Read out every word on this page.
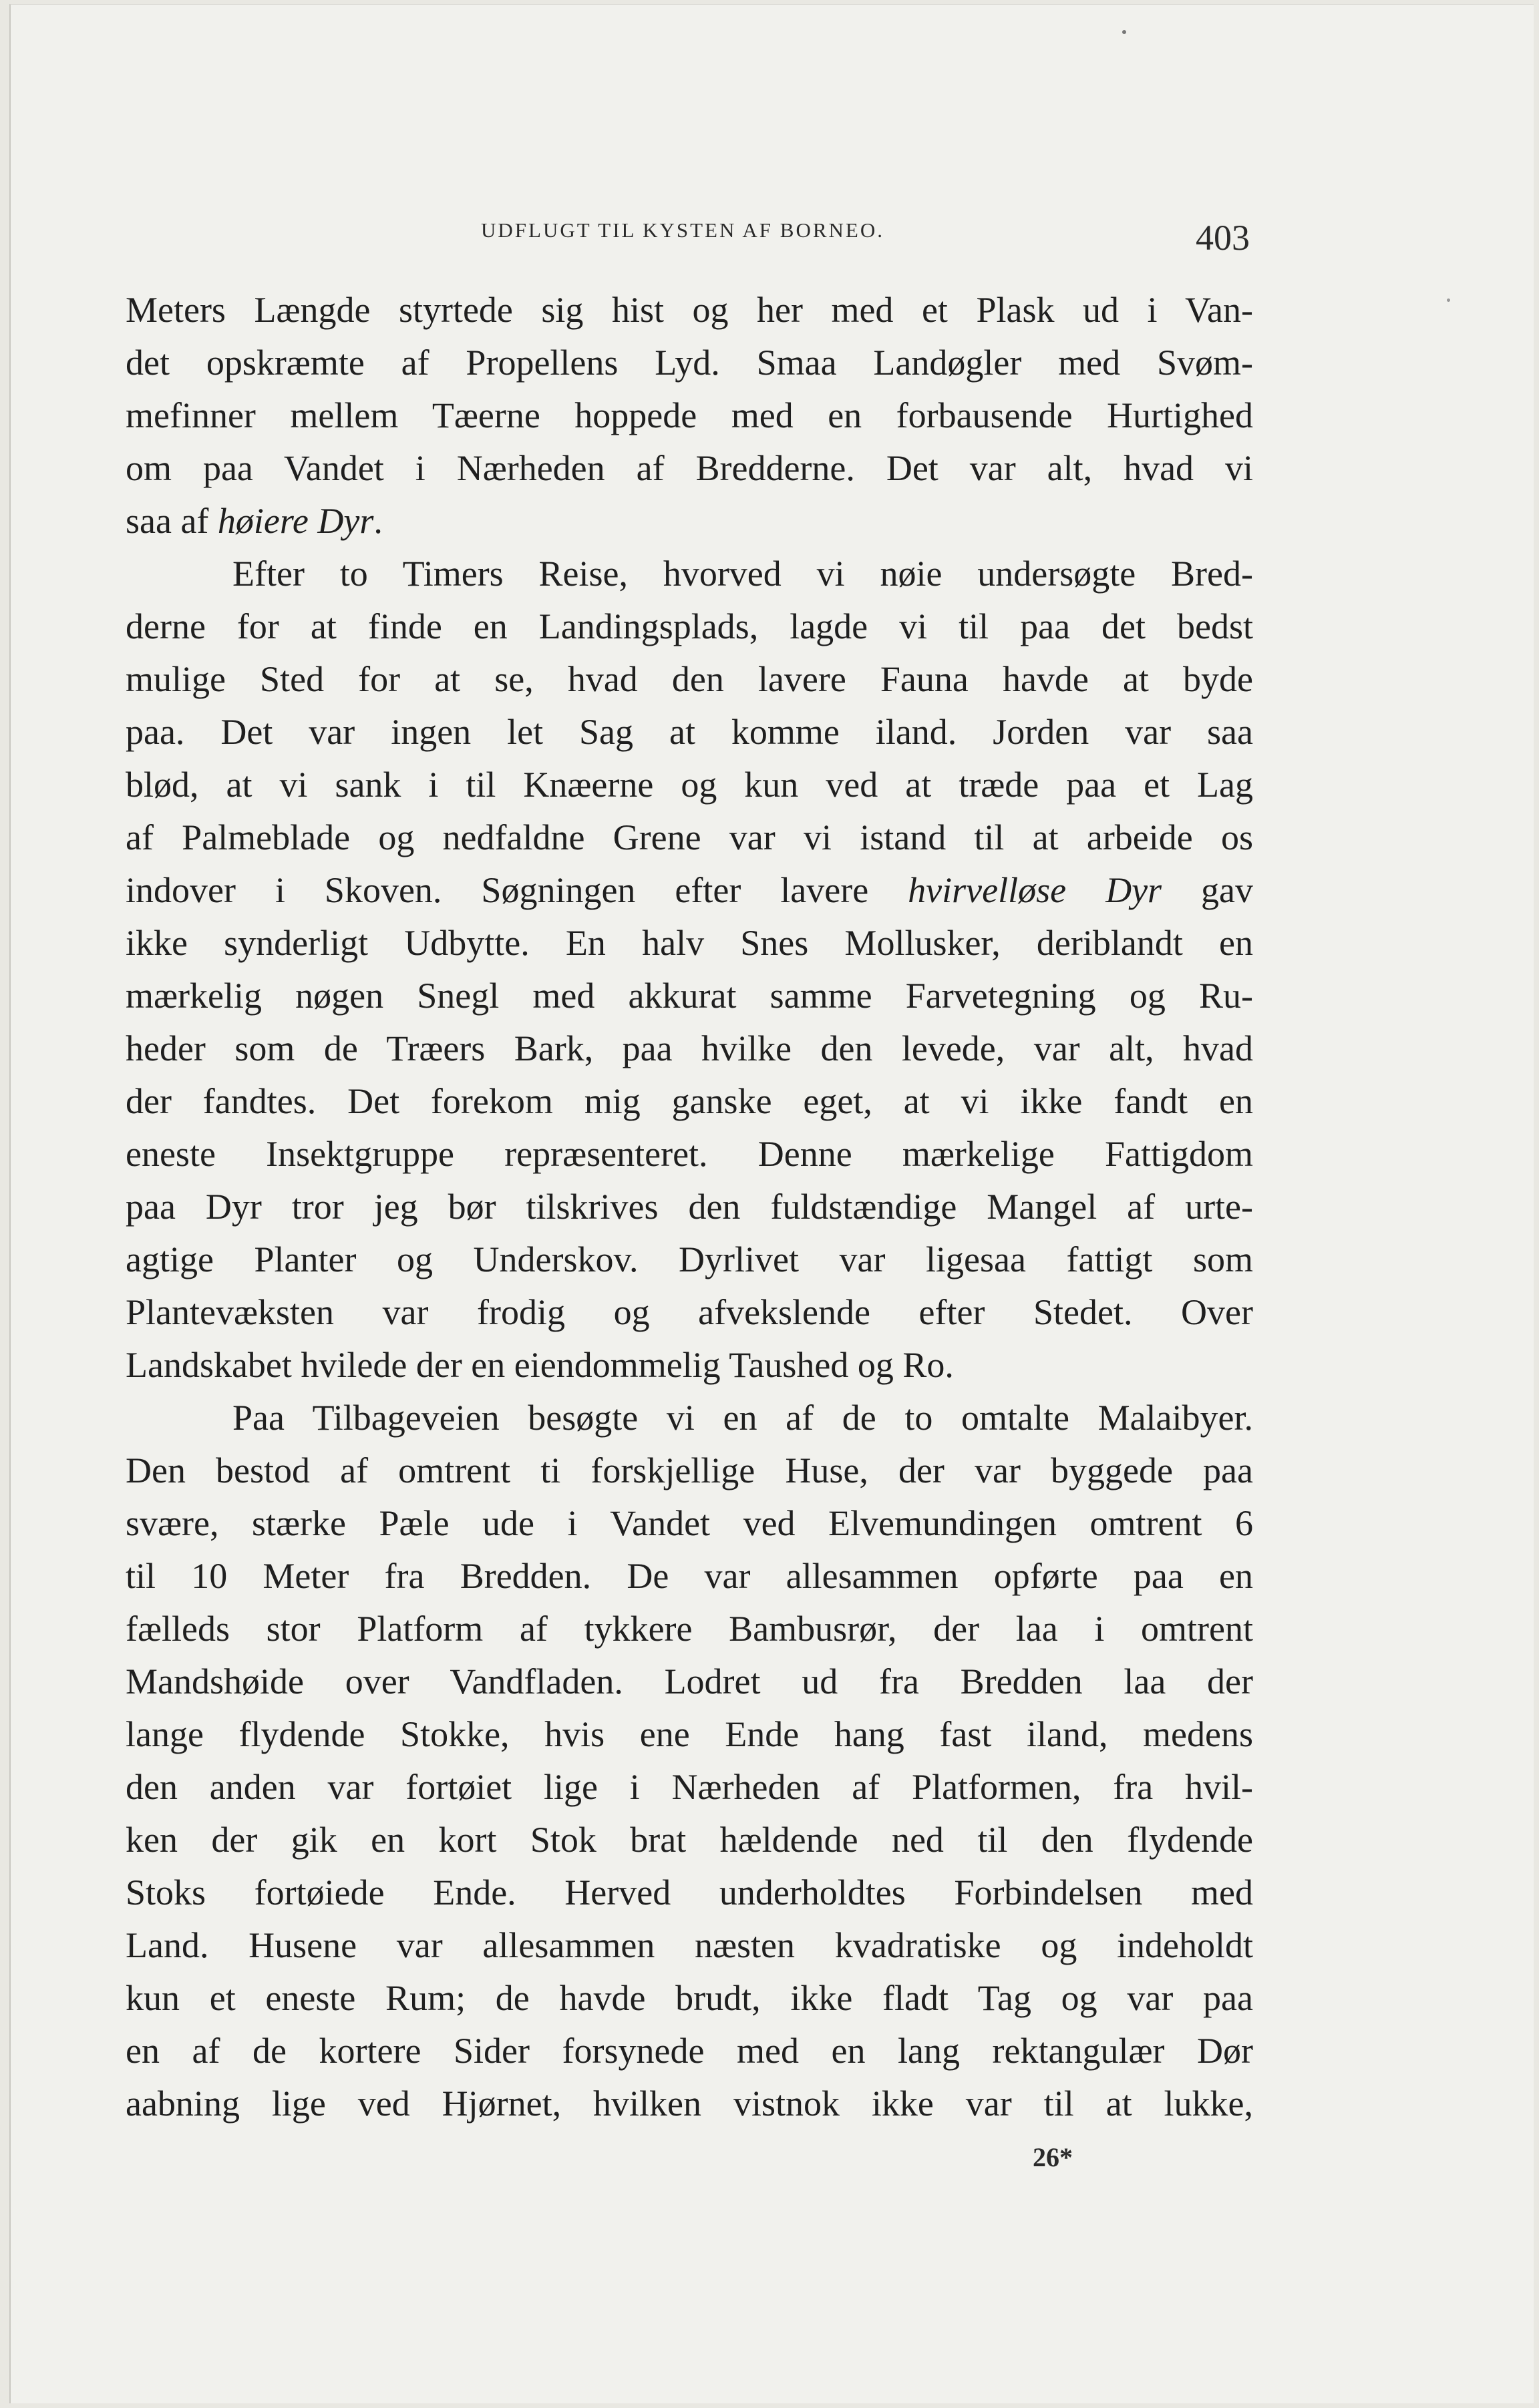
UDFLUGT TIL KYSTEN AF BORNEO.	403
Meters Længde styrtede sig hist og her med et Plask ud i Van-
det opskræmte af Propellens Lyd. Smaa Landøgler med Svøm-
mefinner mellem Tæerne hoppede med en forbausende Hurtighed
om paa Vandet i Nærheden af Bredderne. Det var alt, hvad vi
saa af høiere Dyr.
Efter to Timers Reise, hvorved vi nøie undersøgte Bred-
derne for at finde en Landingsplads, lagde vi til paa det bedst
mulige Sted for at se, hvad den lavere Fauna havde at byde
paa. Det var ingen let Sag at komme iland. Jorden var saa
blød, at vi sank i til Knæerne og kun ved at træde paa et Lag
af Palmeblade og nedfaldne Grene var vi istand til at arbeide os
indover i Skoven. Søgningen efter lavere hvirvelløse Dyr gav
ikke synderligt Udbytte. En halv Snes Mollusker, deriblandt en
mærkelig nøgen Snegl med akkurat samme Farvetegning og Ru-
heder som de Træers Bark, paa hvilke den levede, var alt, hvad
der fandtes. Det forekom mig ganske eget, at vi ikke fandt en
eneste Insektgruppe repræsenteret. Denne mærkelige Fattigdom
paa Dyr tror jeg bør tilskrives den fuldstændige Mangel af urte-
agtige Planter og Underskov. Dyrlivet var ligesaa fattigt som
Plantevæksten var frodig og afvekslende efter Stedet. Over
Landskabet hvilede der en eiendommelig Taushed og Ro.
Paa Tilbageveien besøgte vi en af de to omtalte Malaibyer.
Den bestod af omtrent ti forskjellige Huse, der var byggede paa
svære, stærke Pæle ude i Vandet ved Elvemundingen omtrent 6
til 10 Meter fra Bredden. De var allesammen opførte paa en
fælleds stor Platform af tykkere Bambusrør, der laa i omtrent
Mandshøide over Vandfladen. Lodret ud fra Bredden laa der
lange flydende Stokke, hvis ene Ende hang fast iland, medens
den anden var fortøiet lige i Nærheden af Platformen, fra hvil-
ken der gik en kort Stok brat hældende ned til den flydende
Stoks fortøiede Ende. Herved underholdtes Forbindelsen med
Land. Husene var allesammen næsten kvadratiske og indeholdt
kun et eneste Rum; de havde brudt, ikke fladt Tag og var paa
en af de kortere Sider forsynede med en lang rektangulær Dør
aabning lige ved Hjørnet, hvilken vistnok ikke var til at lukke,
26*
